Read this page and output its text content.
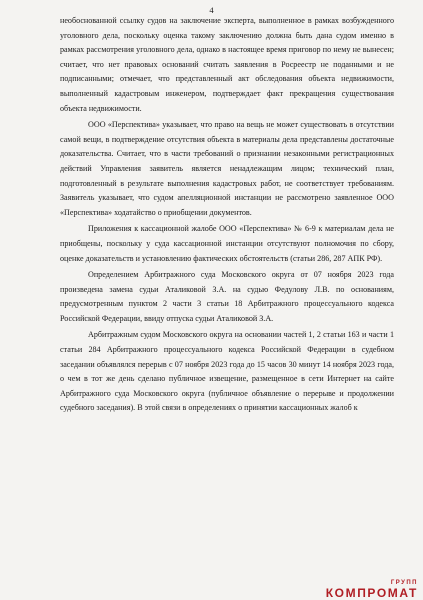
4

необоснованной ссылку судов на заключение эксперта, выполненное в рамках возбужденного уголовного дела, поскольку оценка такому заключению должна быть дана судом именно в рамках рассмотрения уголовного дела, однако в настоящее время приговор по нему не вынесен; считает, что нет правовых оснований считать заявления в Росреестр не поданными и не подписанными; отмечает, что представленный акт обследования объекта недвижимости, выполненный кадастровым инженером, подтверждает факт прекращения существования объекта недвижимости.

ООО «Перспектива» указывает, что право на вещь не может существовать в отсутствии самой вещи, в подтверждение отсутствия объекта в материалы дела представлены достаточные доказательства. Считает, что в части требований о признании незаконными регистрационных действий Управления заявитель является ненадлежащим лицом; технический план, подготовленный в результате выполнения кадастровых работ, не соответствует требованиям. Заявитель указывает, что судом апелляционной инстанции не рассмотрено заявленное ООО «Перспектива» ходатайство о приобщении документов.

Приложения к кассационной жалобе ООО «Перспектива» № 6-9 к материалам дела не приобщены, поскольку у суда кассационной инстанции отсутствуют полномочия по сбору, оценке доказательств и установлению фактических обстоятельств (статьи 286, 287 АПК РФ).

Определением Арбитражного суда Московского округа от 07 ноября 2023 года произведена замена судьи Аталиковой З.А. на судью Федулову Л.В. по основаниям, предусмотренным пунктом 2 части 3 статьи 18 Арбитражного процессуального кодекса Российской Федерации, ввиду отпуска судьи Аталиковой З.А.

Арбитражным судом Московского округа на основании частей 1, 2 статьи 163 и части 1 статьи 284 Арбитражного процессуального кодекса Российской Федерации в судебном заседании объявлялся перерыв с 07 ноября 2023 года до 15 часов 30 минут 14 ноября 2023 года, о чем в тот же день сделано публичное извещение, размещенное в сети Интернет на сайте Арбитражного суда Московского округа (публичное объявление о перерыве и продолжении судебного заседания). В этой связи в определениях о принятии кассационных жалоб к

ГРУПП
КОМПРОМАТ
